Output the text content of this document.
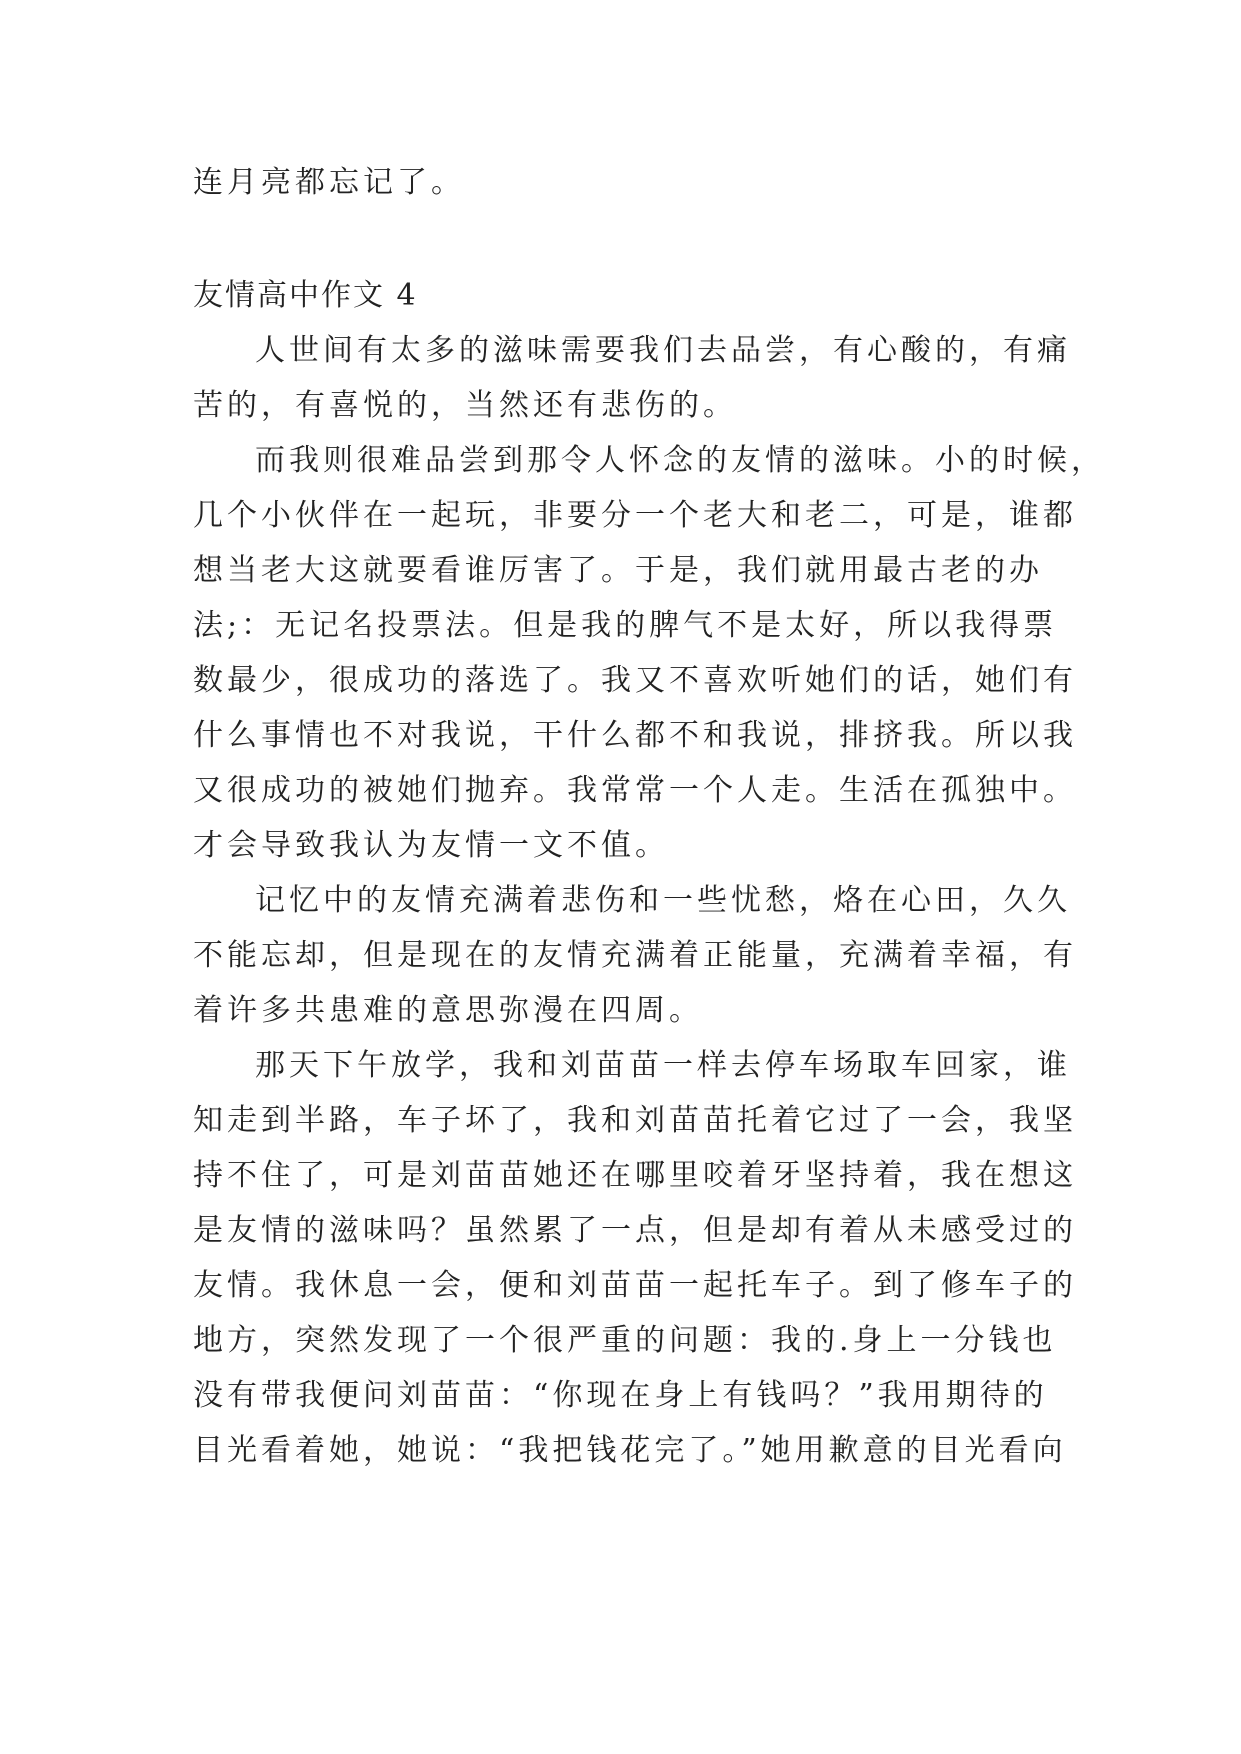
连月亮都忘记了。
友情高中作文 4
人世间有太多的滋味需要我们去品尝，有心酸的，有痛
苦的，有喜悦的，当然还有悲伤的。
而我则很难品尝到那令人怀念的友情的滋味。小的时候，
几个小伙伴在一起玩，非要分一个老大和老二，可是，谁都
想当老大这就要看谁厉害了。于是，我们就用最古老的办
法;：无记名投票法。但是我的脾气不是太好，所以我得票
数最少，很成功的落选了。我又不喜欢听她们的话，她们有
什么事情也不对我说，干什么都不和我说，排挤我。所以我
又很成功的被她们抛弃。我常常一个人走。生活在孤独中。
才会导致我认为友情一文不值。
记忆中的友情充满着悲伤和一些忧愁，烙在心田，久久
不能忘却，但是现在的友情充满着正能量，充满着幸福，有
着许多共患难的意思弥漫在四周。
那天下午放学，我和刘苗苗一样去停车场取车回家，谁
知走到半路，车子坏了，我和刘苗苗托着它过了一会，我坚
持不住了，可是刘苗苗她还在哪里咬着牙坚持着，我在想这
是友情的滋味吗？虽然累了一点，但是却有着从未感受过的
友情。我休息一会，便和刘苗苗一起托车子。到了修车子的
地方，突然发现了一个很严重的问题：我的.身上一分钱也
没有带我便问刘苗苗：“你现在身上有钱吗？”我用期待的
目光看着她，她说：“我把钱花完了。”她用歉意的目光看向
